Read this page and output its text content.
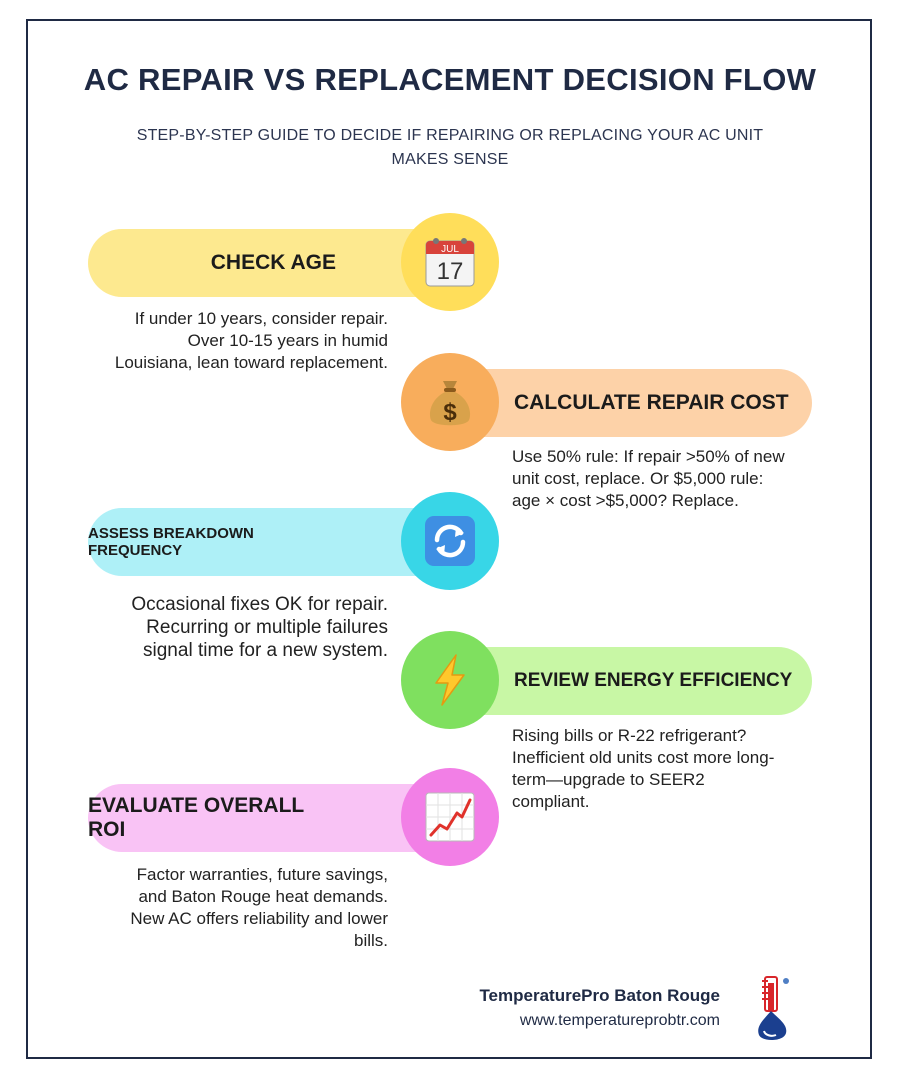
AC REPAIR VS REPLACEMENT DECISION FLOW
STEP-BY-STEP GUIDE TO DECIDE IF REPAIRING OR REPLACING YOUR AC UNIT MAKES SENSE
CHECK AGE
JUL
17
If under 10 years, consider repair. Over 10-15 years in humid Louisiana, lean toward replacement.
CALCULATE REPAIR COST
$
Use 50% rule: If repair >50% of new unit cost, replace. Or $5,000 rule: age × cost >$5,000? Replace.
ASSESS BREAKDOWN FREQUENCY
Occasional fixes OK for repair. Recurring or multiple failures signal time for a new system.
REVIEW ENERGY EFFICIENCY
Rising bills or R-22 refrigerant? Inefficient old units cost more long-term—upgrade to SEER2 compliant.
EVALUATE OVERALL ROI
Factor warranties, future savings, and Baton Rouge heat demands. New AC offers reliability and lower bills.
TemperaturePro Baton Rouge
www.temperatureprobtr.com
